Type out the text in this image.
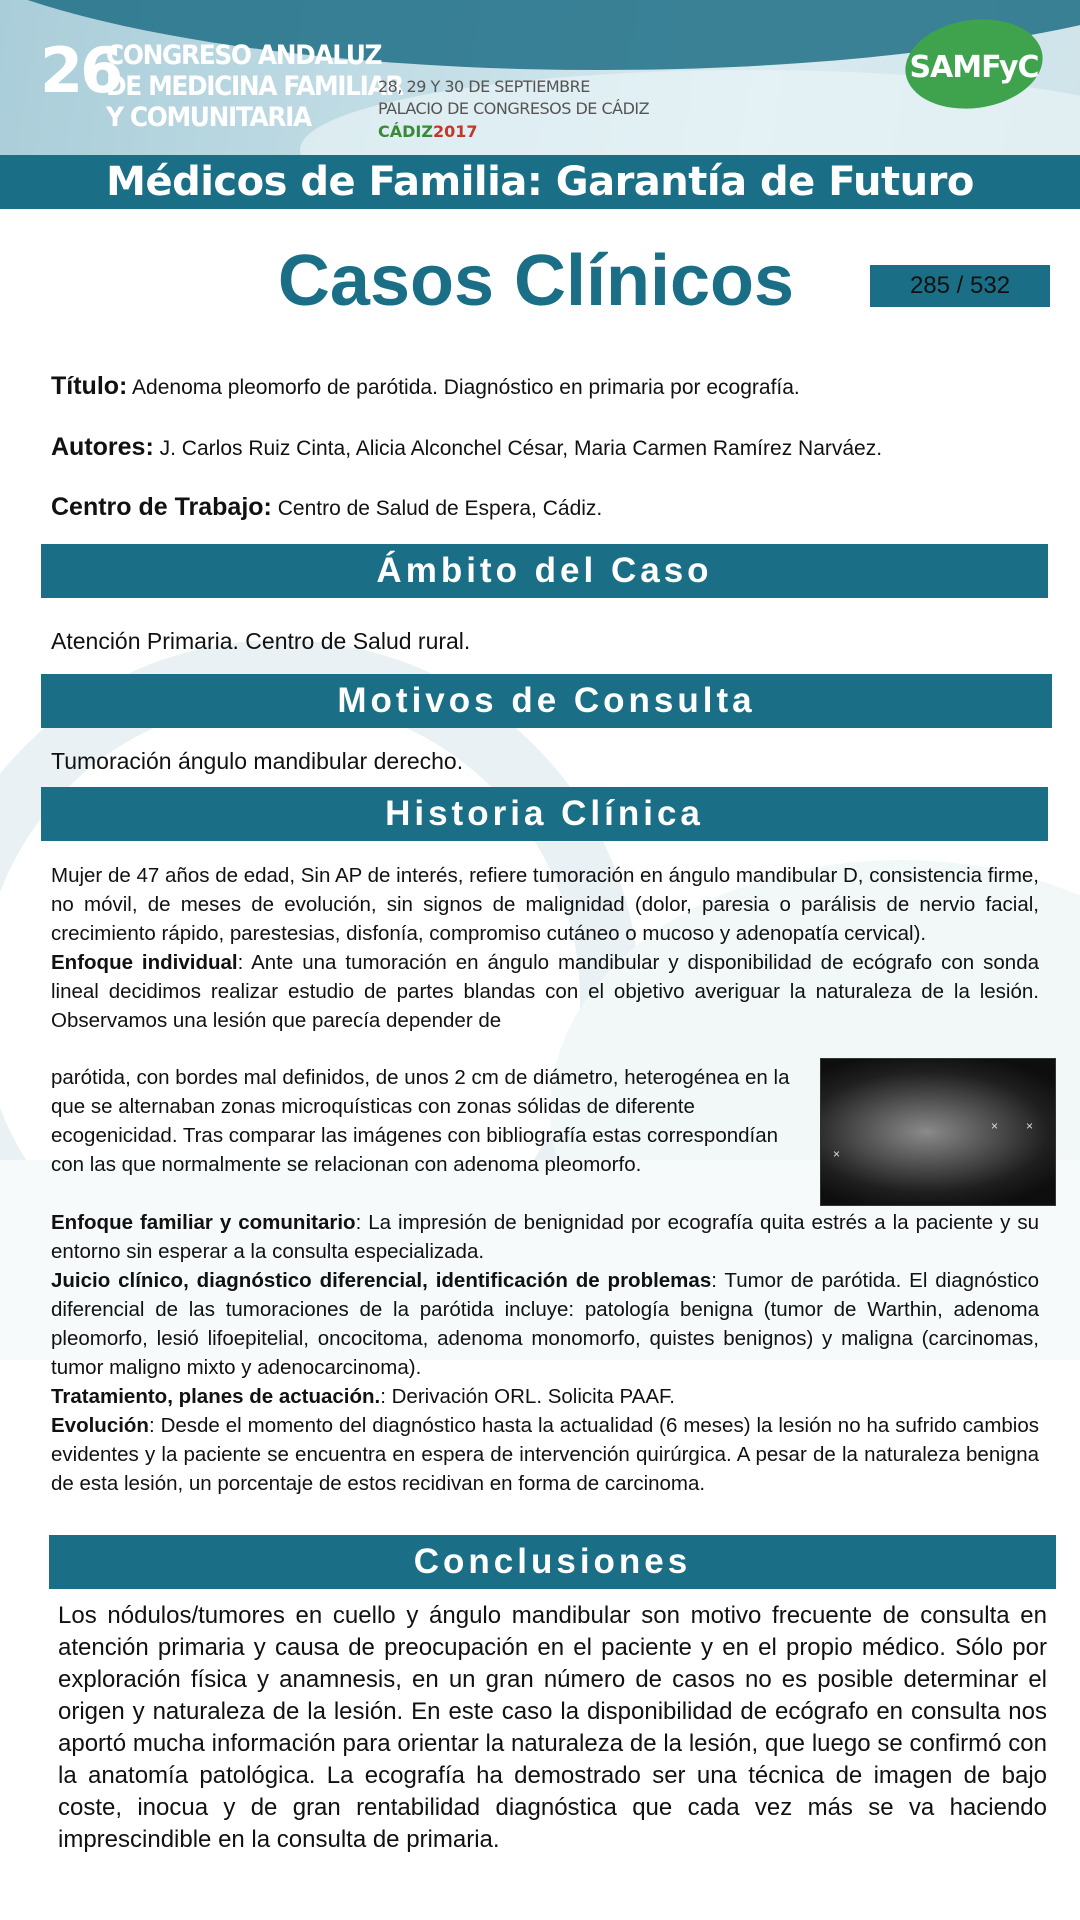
26
CONGRESO ANDALUZ
DE MEDICINA FAMILIAR
Y COMUNITARIA
28, 29 Y 30 DE SEPTIEMBRE
PALACIO DE CONGRESOS DE CÁDIZ
CÁDIZ2017
SAMFyC
Médicos de Familia: Garantía de Futuro
Casos Clínicos	285 / 532
Título: Adenoma pleomorfo de parótida. Diagnóstico en primaria por ecografía.
Autores: J. Carlos Ruiz Cinta, Alicia Alconchel César, Maria Carmen Ramírez Narváez.
Centro de Trabajo: Centro de Salud de Espera, Cádiz.
Ámbito del Caso
Atención Primaria. Centro de Salud rural.
Motivos de Consulta
Tumoración ángulo mandibular derecho.
Historia Clínica

Mujer de 47 años de edad, Sin AP de interés, refiere tumoración en ángulo mandibular D, consistencia firme, no móvil, de meses de evolución, sin signos de malignidad (dolor, paresia o parálisis de nervio facial, crecimiento rápido, parestesias, disfonía, compromiso cutáneo o mucoso y adenopatía cervical).

Enfoque individual: Ante una tumoración en ángulo mandibular y disponibilidad de ecógrafo con sonda lineal decidimos realizar estudio de partes blandas con el objetivo averiguar la naturaleza de la lesión. Observamos una lesión que parecía depender de

parótida, con bordes mal definidos, de unos 2 cm de diámetro, heterogénea en la que se alternaban zonas microquísticas con zonas sólidas de diferente ecogenicidad. Tras comparar las imágenes con bibliografía estas correspondían con las que normalmente se relacionan con adenoma pleomorfo.	×
× ×

Enfoque familiar y comunitario: La impresión de benignidad por ecografía quita estrés a la paciente y su entorno sin esperar a la consulta especializada.

Juicio clínico, diagnóstico diferencial, identificación de problemas: Tumor de parótida. El diagnóstico diferencial de las tumoraciones de la parótida incluye: patología benigna (tumor de Warthin, adenoma pleomorfo, lesió lifoepitelial, oncocitoma, adenoma monomorfo, quistes benignos) y maligna (carcinomas, tumor maligno mixto y adenocarcinoma).

Tratamiento, planes de actuación.: Derivación ORL. Solicita PAAF.

Evolución: Desde el momento del diagnóstico hasta la actualidad (6 meses) la lesión no ha sufrido cambios evidentes y la paciente se encuentra en espera de intervención quirúrgica. A pesar de la naturaleza benigna de esta lesión, un porcentaje de estos recidivan en forma de carcinoma.

Conclusiones
Los nódulos/tumores en cuello y ángulo mandibular son motivo frecuente de consulta en atención primaria y causa de preocupación en el paciente y en el propio médico. Sólo por exploración física y anamnesis, en un gran número de casos no es posible determinar el origen y naturaleza de la lesión. En este caso la disponibilidad de ecógrafo en consulta nos aportó mucha información para orientar la naturaleza de la lesión, que luego se confirmó con la anatomía patológica. La ecografía ha demostrado ser una técnica de imagen de bajo coste, inocua y de gran rentabilidad diagnóstica que cada vez más se va haciendo imprescindible en la consulta de primaria.
